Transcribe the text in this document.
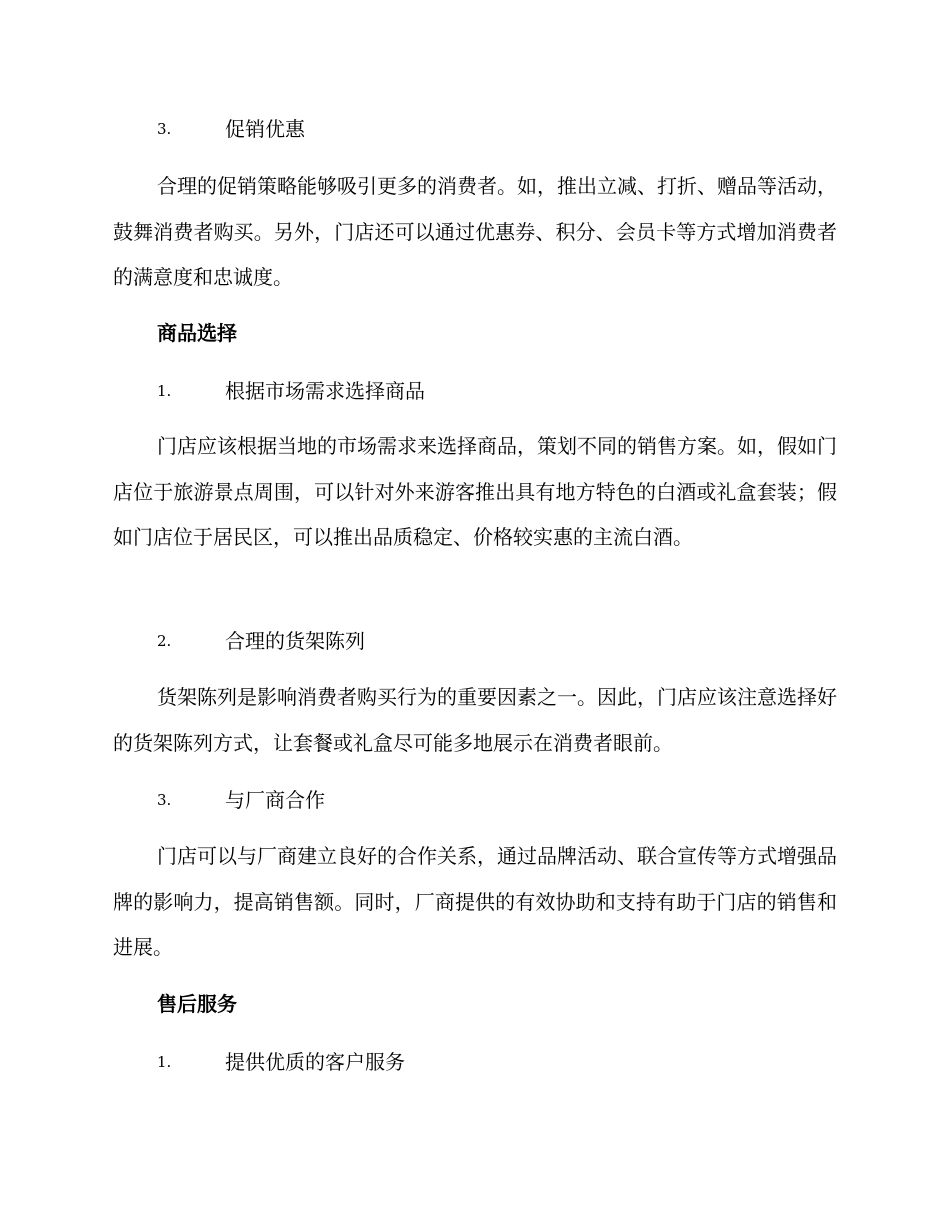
3.	促销优惠

合理的促销策略能够吸引更多的消费者。如，推出立减、打折、赠品等活动，鼓舞消费者购买。另外，门店还可以通过优惠券、积分、会员卡等方式增加消费者的满意度和忠诚度。

商品选择
1.	根据市场需求选择商品

门店应该根据当地的市场需求来选择商品，策划不同的销售方案。如，假如门店位于旅游景点周围，可以针对外来游客推出具有地方特色的白酒或礼盒套装；假如门店位于居民区，可以推出品质稳定、价格较实惠的主流白酒。

2.	合理的货架陈列

货架陈列是影响消费者购买行为的重要因素之一。因此，门店应该注意选择好的货架陈列方式，让套餐或礼盒尽可能多地展示在消费者眼前。

3.	与厂商合作

门店可以与厂商建立良好的合作关系，通过品牌活动、联合宣传等方式增强品牌的影响力，提高销售额。同时，厂商提供的有效协助和支持有助于门店的销售和进展。

售后服务
1.	提供优质的客户服务
